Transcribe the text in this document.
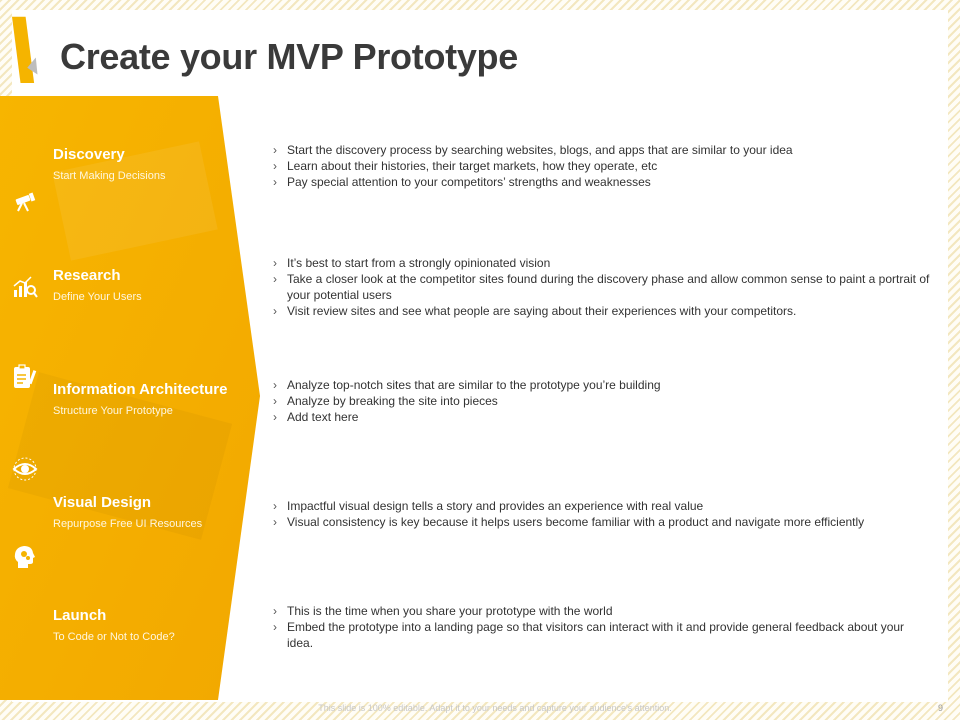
Create your MVP Prototype
Discovery
Start Making Decisions
Research
Define Your Users
Information Architecture
Structure Your Prototype
Visual Design
Repurpose Free UI Resources
Launch
To Code or Not to Code?
› Start the discovery process by searching websites, blogs, and apps that are similar to your idea
› Learn about their histories, their target markets, how they operate, etc
› Pay special attention to your competitors’ strengths and weaknesses
› It’s best to start from a strongly opinionated vision
› Take a closer look at the competitor sites found during the discovery phase and allow common sense to paint a portrait of your potential users
› Visit review sites and see what people are saying about their experiences with your competitors.
› Analyze top-notch sites that are similar to the prototype you’re building
› Analyze by breaking the site into pieces
› Add text here
› Impactful visual design tells a story and provides an experience with real value
› Visual consistency is key because it helps users become familiar with a product and navigate more efficiently
› This is the time when you share your prototype with the world
› Embed the prototype into a landing page so that visitors can interact with it and provide general feedback about your idea.
This slide is 100% editable. Adapt it to your needs and capture your audience's attention.	9
